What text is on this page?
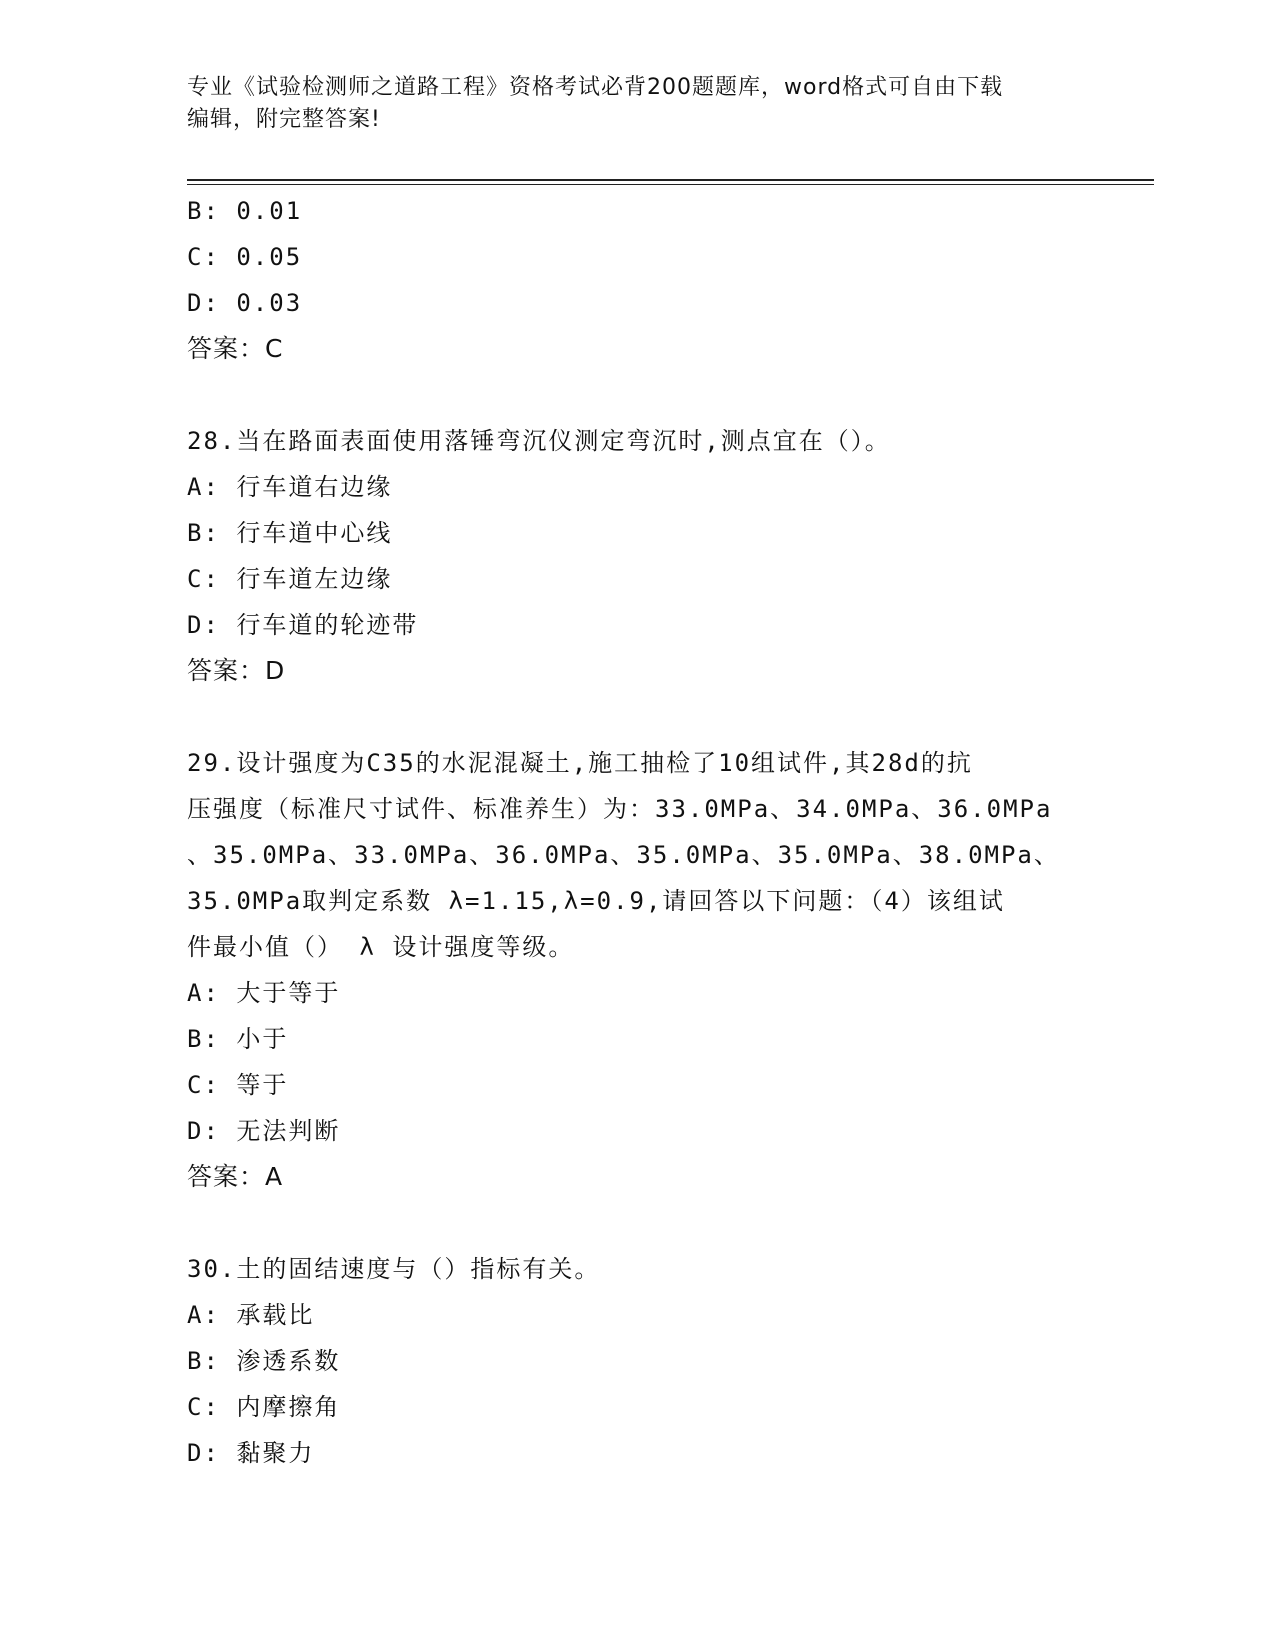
专业《试验检测师之道路工程》资格考试必背200题题库，word格式可自由下载
编辑，附完整答案!
B: 0.01
C: 0.05
D: 0.03
答案：C
28.当在路面表面使用落锤弯沉仪测定弯沉时,测点宜在（）。
A: 行车道右边缘
B: 行车道中心线
C: 行车道左边缘
D: 行车道的轮迹带
答案：D
29.设计强度为C35的水泥混凝土,施工抽检了10组试件,其28d的抗
压强度（标准尺寸试件、标准养生）为：33.0MPa、34.0MPa、36.0MPa
、35.0MPa、33.0MPa、36.0MPa、35.0MPa、35.0MPa、38.0MPa、
35.0MPa取判定系数 λ=1.15,λ=0.9,请回答以下问题：（4）该组试
件最小值（） λ 设计强度等级。
A: 大于等于
B: 小于
C: 等于
D: 无法判断
答案：A
30.土的固结速度与（）指标有关。
A: 承载比
B: 渗透系数
C: 内摩擦角
D: 黏聚力
